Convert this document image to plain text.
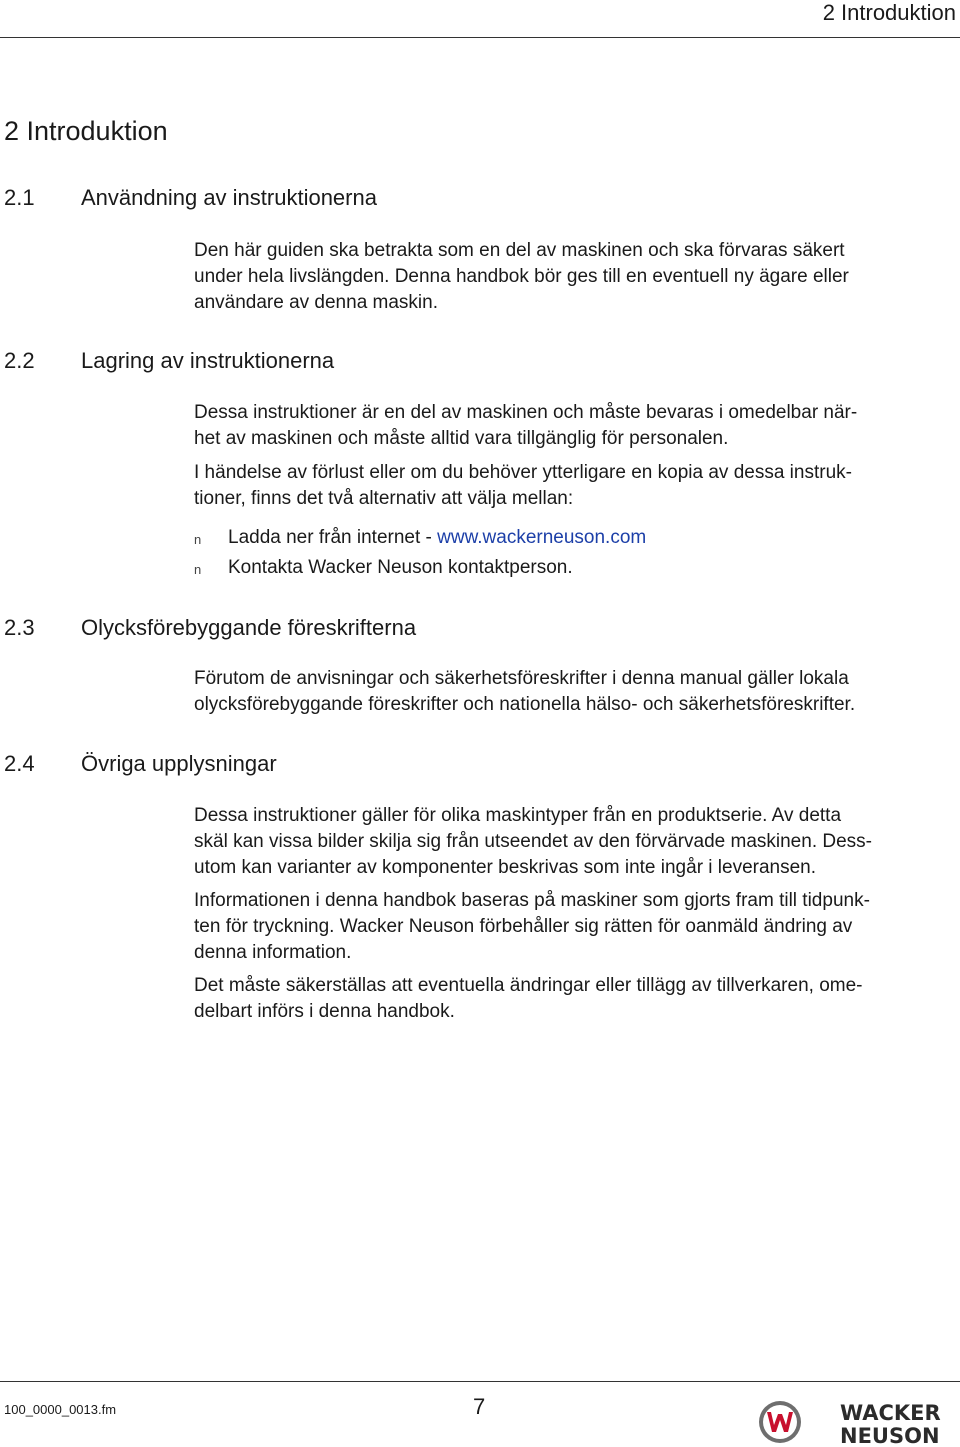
2 Introduktion
2 Introduktion
2.1 Användning av instruktionerna
Den här guiden ska betrakta som en del av maskinen och ska förvaras säkert
under hela livslängden. Denna handbok bör ges till en eventuell ny ägare eller
användare av denna maskin.
2.2 Lagring av instruktionerna
Dessa instruktioner är en del av maskinen och måste bevaras i omedelbar när-
het av maskinen och måste alltid vara tillgänglig för personalen.
I händelse av förlust eller om du behöver ytterligare en kopia av dessa instruk-
tioner, finns det två alternativ att välja mellan:
n Ladda ner från internet - www.wackerneuson.com
n Kontakta Wacker Neuson kontaktperson.
2.3 Olycksförebyggande föreskrifterna
Förutom de anvisningar och säkerhetsföreskrifter i denna manual gäller lokala
olycksförebyggande föreskrifter och nationella hälso- och säkerhetsföreskrifter.
2.4 Övriga upplysningar
Dessa instruktioner gäller för olika maskintyper från en produktserie. Av detta
skäl kan vissa bilder skilja sig från utseendet av den förvärvade maskinen. Dess-
utom kan varianter av komponenter beskrivas som inte ingår i leveransen.
Informationen i denna handbok baseras på maskiner som gjorts fram till tidpunk-
ten för tryckning. Wacker Neuson förbehåller sig rätten för oanmäld ändring av
denna information.
Det måste säkerställas att eventuella ändringar eller tillägg av tillverkaren, ome-
delbart införs i denna handbok.
100_0000_0013.fm	7	WACKER
NEUSON
